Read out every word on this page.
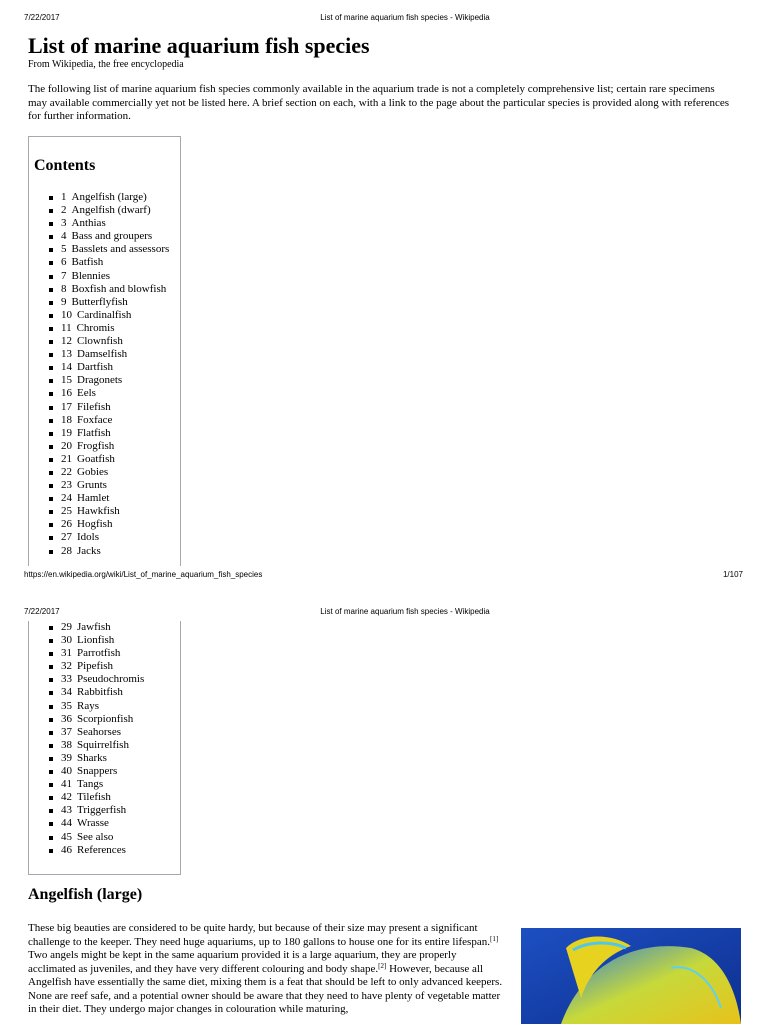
7/22/2017	List of marine aquarium fish species - Wikipedia
List of marine aquarium fish species
From Wikipedia, the free encyclopedia

The following list of marine aquarium fish species commonly available in the aquarium trade is not a completely comprehensive list; certain rare specimens may available commercially yet not be listed here. A brief section on each, with a link to the page about the particular species is provided along with references for further information.

Contents
1 Angelfish (large)
2 Angelfish (dwarf)
3 Anthias
4 Bass and groupers
5 Basslets and assessors
6 Batfish
7 Blennies
8 Boxfish and blowfish
9 Butterflyfish
10 Cardinalfish
11 Chromis
12 Clownfish
13 Damselfish
14 Dartfish
15 Dragonets
16 Eels
17 Filefish
18 Foxface
19 Flatfish
20 Frogfish
21 Goatfish
22 Gobies
23 Grunts
24 Hamlet
25 Hawkfish
26 Hogfish
27 Idols
28 Jacks
https://en.wikipedia.org/wiki/List_of_marine_aquarium_fish_species	1/107
7/22/2017	List of marine aquarium fish species - Wikipedia
29 Jawfish
30 Lionfish
31 Parrotfish
32 Pipefish
33 Pseudochromis
34 Rabbitfish
35 Rays
36 Scorpionfish
37 Seahorses
38 Squirrelfish
39 Sharks
40 Snappers
41 Tangs
42 Tilefish
43 Triggerfish
44 Wrasse
45 See also
46 References
Angelfish (large)

These big beauties are considered to be quite hardy, but because of their size may present a significant challenge to the keeper. They need huge aquariums, up to 180 gallons to house one for its entire lifespan.[1] Two angels might be kept in the same aquarium provided it is a large aquarium, they are properly acclimated as juveniles, and they have very different colouring and body shape.[2] However, because all Angelfish have essentially the same diet, mixing them is a feat that should be left to only advanced keepers. None are reef safe, and a potential owner should be aware that they need to have plenty of vegetable matter in their diet. They undergo major changes in colouration while maturing,
